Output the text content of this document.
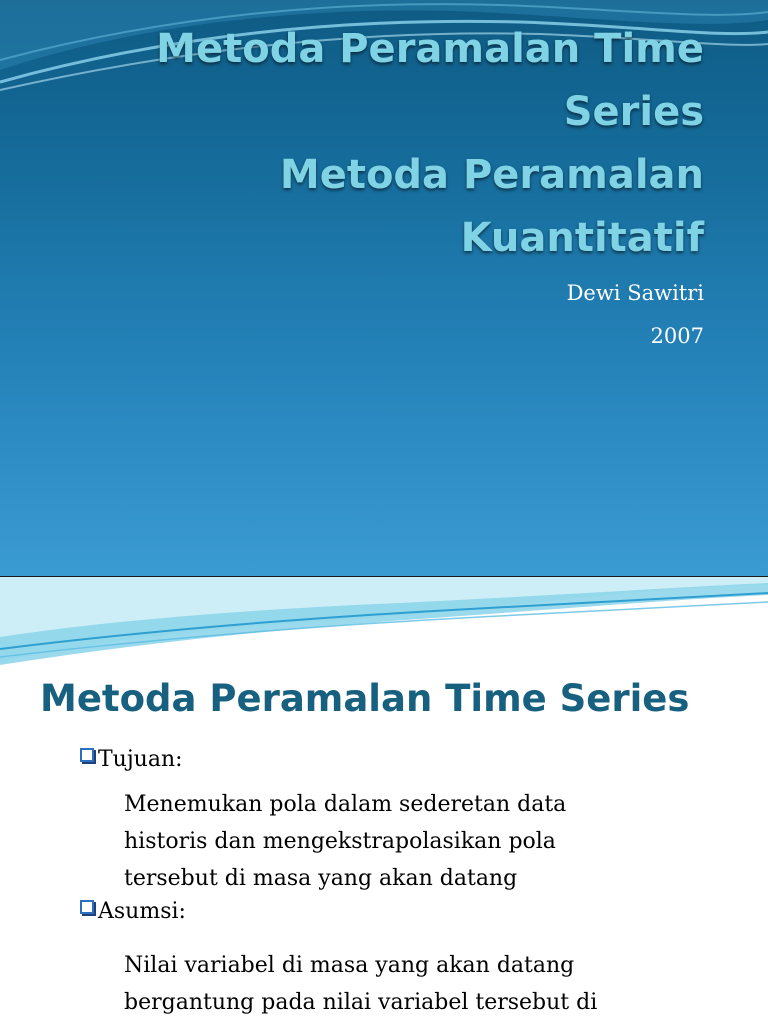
Metoda Peramalan Time
Series
Metoda Peramalan
Kuantitatif
Dewi Sawitri
2007
Metoda Peramalan Time Series
Tujuan:
Menemukan pola dalam sederetan data
historis dan mengekstrapolasikan pola
tersebut di masa yang akan datang
Asumsi:
Nilai variabel di masa yang akan datang
bergantung pada nilai variabel tersebut di
